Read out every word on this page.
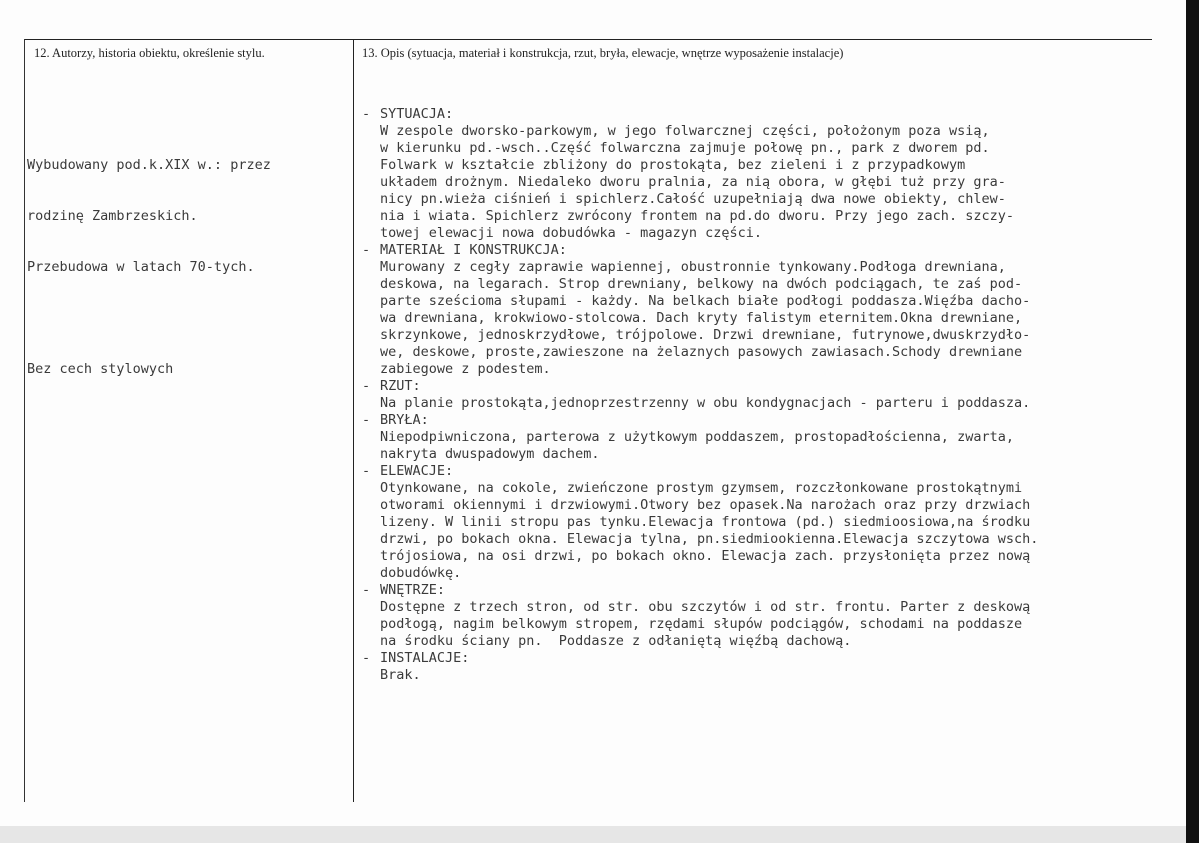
12. Autorzy, historia obiektu, określenie stylu.	13. Opis (sytuacja, materiał i konstrukcja, rzut, bryła, elewacje, wnętrze wyposażenie instalacje)

Wybudowany pod.k.XIX w.: przez

rodzinę Zambrzeskich.

Przebudowa w latach 70-tych.

Bez cech stylowych

- SYTUACJA:
W zespole dworsko-parkowym, w jego folwarcznej części, położonym poza wsią,
w kierunku pd.-wsch..Część folwarczna zajmuje połowę pn., park z dworem pd.
Folwark w kształcie zbliżony do prostokąta, bez zieleni i z przypadkowym
układem drożnym. Niedaleko dworu pralnia, za nią obora, w głębi tuż przy gra-
nicy pn.wieża ciśnień i spichlerz.Całość uzupełniają dwa nowe obiekty, chlew-
nia i wiata. Spichlerz zwrócony frontem na pd.do dworu. Przy jego zach. szczy-
towej elewacji nowa dobudówka - magazyn części.
- MATERIAŁ I KONSTRUKCJA:
Murowany z cegły zaprawie wapiennej, obustronnie tynkowany.Podłoga drewniana,
deskowa, na legarach. Strop drewniany, belkowy na dwóch podciągach, te zaś pod-
parte sześcioma słupami - każdy. Na belkach białe podłogi poddasza.Więźba dacho-
wa drewniana, krokwiowo-stolcowa. Dach kryty falistym eternitem.Okna drewniane,
skrzynkowe, jednoskrzydłowe, trójpolowe. Drzwi drewniane, futrynowe,dwuskrzydło-
we, deskowe, proste,zawieszone na żelaznych pasowych zawiasach.Schody drewniane
zabiegowe z podestem.
- RZUT:
Na planie prostokąta,jednoprzestrzenny w obu kondygnacjach - parteru i poddasza.
- BRYŁA:
Niepodpiwniczona, parterowa z użytkowym poddaszem, prostopadłościenna, zwarta,
nakryta dwuspadowym dachem.
- ELEWACJE:
Otynkowane, na cokole, zwieńczone prostym gzymsem, rozczłonkowane prostokątnymi
otworami okiennymi i drzwiowymi.Otwory bez opasek.Na narożach oraz przy drzwiach
lizeny. W linii stropu pas tynku.Elewacja frontowa (pd.) siedmioosiowa,na środku
drzwi, po bokach okna. Elewacja tylna, pn.siedmiookienna.Elewacja szczytowa wsch.
trójosiowa, na osi drzwi, po bokach okno. Elewacja zach. przysłonięta przez nową
dobudówkę.
- WNĘTRZE:
Dostępne z trzech stron, od str. obu szczytów i od str. frontu. Parter z deskową
podłogą, nagim belkowym stropem, rzędami słupów podciągów, schodami na poddasze
na środku ściany pn.  Poddasze z odłaniętą więźbą dachową.
- INSTALACJE:
Brak.
